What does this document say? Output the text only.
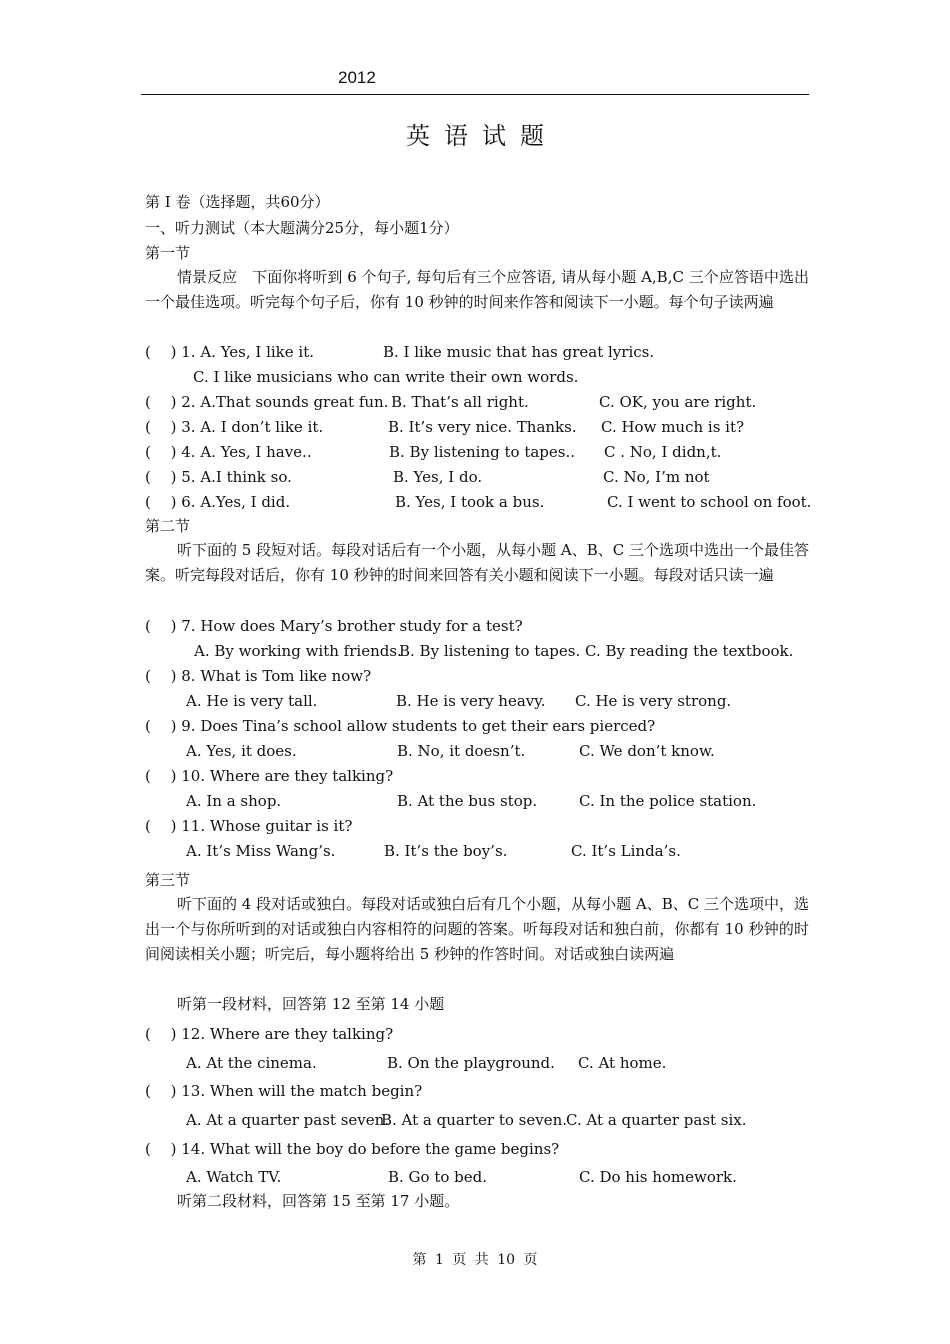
2012
英语试题
第 I 卷（选择题，共60分）
一、听力测试（本大题满分25分，每小题1分）
第一节
情景反应　下面你将听到 6 个句子, 每句后有三个应答语, 请从每小题 A,B,C 三个应答语中选出一个最佳选项。听完每个句子后，你有 10 秒钟的时间来作答和阅读下一小题。每个句子读两遍
(　 ) 1. A. Yes, I like it.	B. I like music that has great lyrics.
C. I like musicians who can write their own words.
(　 ) 2. A.That sounds great fun. B. That’s all right.	C. OK, you are right.
(　 ) 3. A. I don’t like it.	B. It’s very nice. Thanks. C. How much is it?
(　 ) 4. A. Yes, I have..	B. By listening to tapes.. C . No, I didn,t.
(　 ) 5. A.I think so.	B. Yes, I do.	C. No, I’m not
(　 ) 6. A.Yes, I did.	B. Yes, I took a bus.	C. I went to school on foot.
第二节
听下面的 5 段短对话。每段对话后有一个小题，从每小题 A、B、C 三个选项中选出一个最佳答案。听完每段对话后，你有 10 秒钟的时间来回答有关小题和阅读下一小题。每段对话只读一遍
(　 ) 7. How does Mary’s brother study for a test?
A. By working with friends.
B. By listening to tapes. C. By reading the textbook.
(　 ) 8. What is Tom like now?
A. He is very tall.	B. He is very heavy. C. He is very strong.
(　 ) 9. Does Tina’s school allow students to get their ears pierced?
A. Yes, it does.	B. No, it doesn’t.	C. We don’t know.
(　 ) 10. Where are they talking?
A. In a shop.	B. At the bus stop.	C. In the police station.
(　 ) 11. Whose guitar is it?
A. It’s Miss Wang’s.	B. It’s the boy’s.	C. It’s Linda’s.
第三节
听下面的 4 段对话或独白。每段对话或独白后有几个小题，从每小题 A、B、C 三个选项中，选出一个与你所听到的对话或独白内容相符的问题的答案。听每段对话和独白前，你都有 10 秒钟的时间阅读相关小题；听完后，每小题将给出 5 秒钟的作答时间。对话或独白读两遍
听第一段材料，回答第 12 至第 14 小题
(　 ) 12. Where are they talking?
A. At the cinema.	B. On the playground. C. At home.
(　 ) 13. When will the match begin?
A. At a quarter past seven.
B. At a quarter to seven.
C. At a quarter past six.
(　 ) 14. What will the boy do before the game begins?
A. Watch TV.	B. Go to bed.	C. Do his homework.
听第二段材料，回答第 15 至第 17 小题。
第 1 页 共 10 页
